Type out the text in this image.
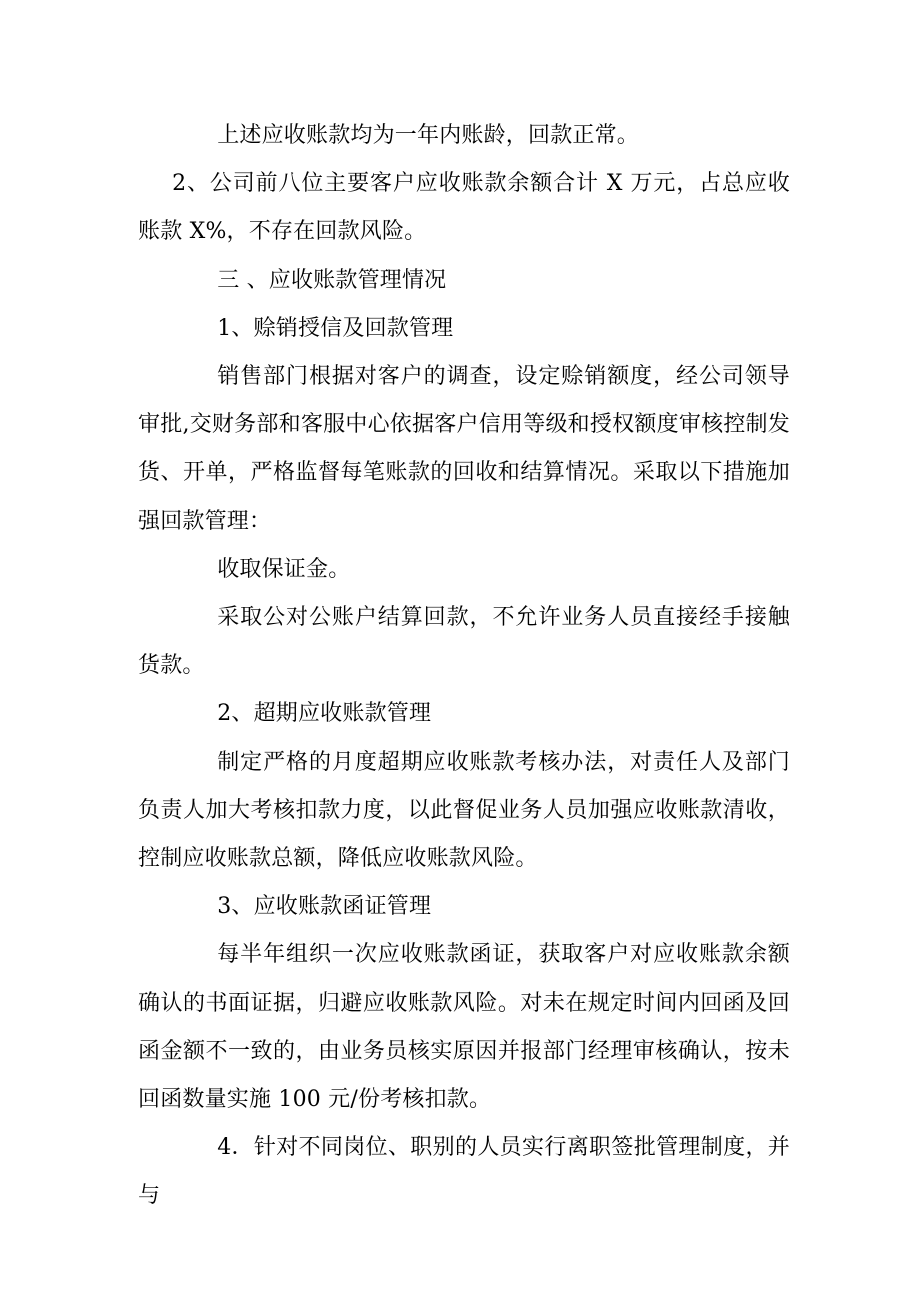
上述应收账款均为一年内账龄，回款正常。

2、公司前八位主要客户应收账款余额合计 X 万元，占总应收账款 X%，不存在回款风险。

三 、应收账款管理情况

1、赊销授信及回款管理

销售部门根据对客户的调查，设定赊销额度，经公司领导审批,交财务部和客服中心依据客户信用等级和授权额度审核控制发货、开单，严格监督每笔账款的回收和结算情况。采取以下措施加强回款管理：

收取保证金。

采取公对公账户结算回款，不允许业务人员直接经手接触货款。

2、超期应收账款管理

制定严格的月度超期应收账款考核办法，对责任人及部门负责人加大考核扣款力度，以此督促业务人员加强应收账款清收，控制应收账款总额，降低应收账款风险。

3、应收账款函证管理

每半年组织一次应收账款函证，获取客户对应收账款余额确认的书面证据，归避应收账款风险。对未在规定时间内回函及回函金额不一致的，由业务员核实原因并报部门经理审核确认，按未回函数量实施 100 元/份考核扣款。

4．针对不同岗位、职别的人员实行离职签批管理制度，并与
